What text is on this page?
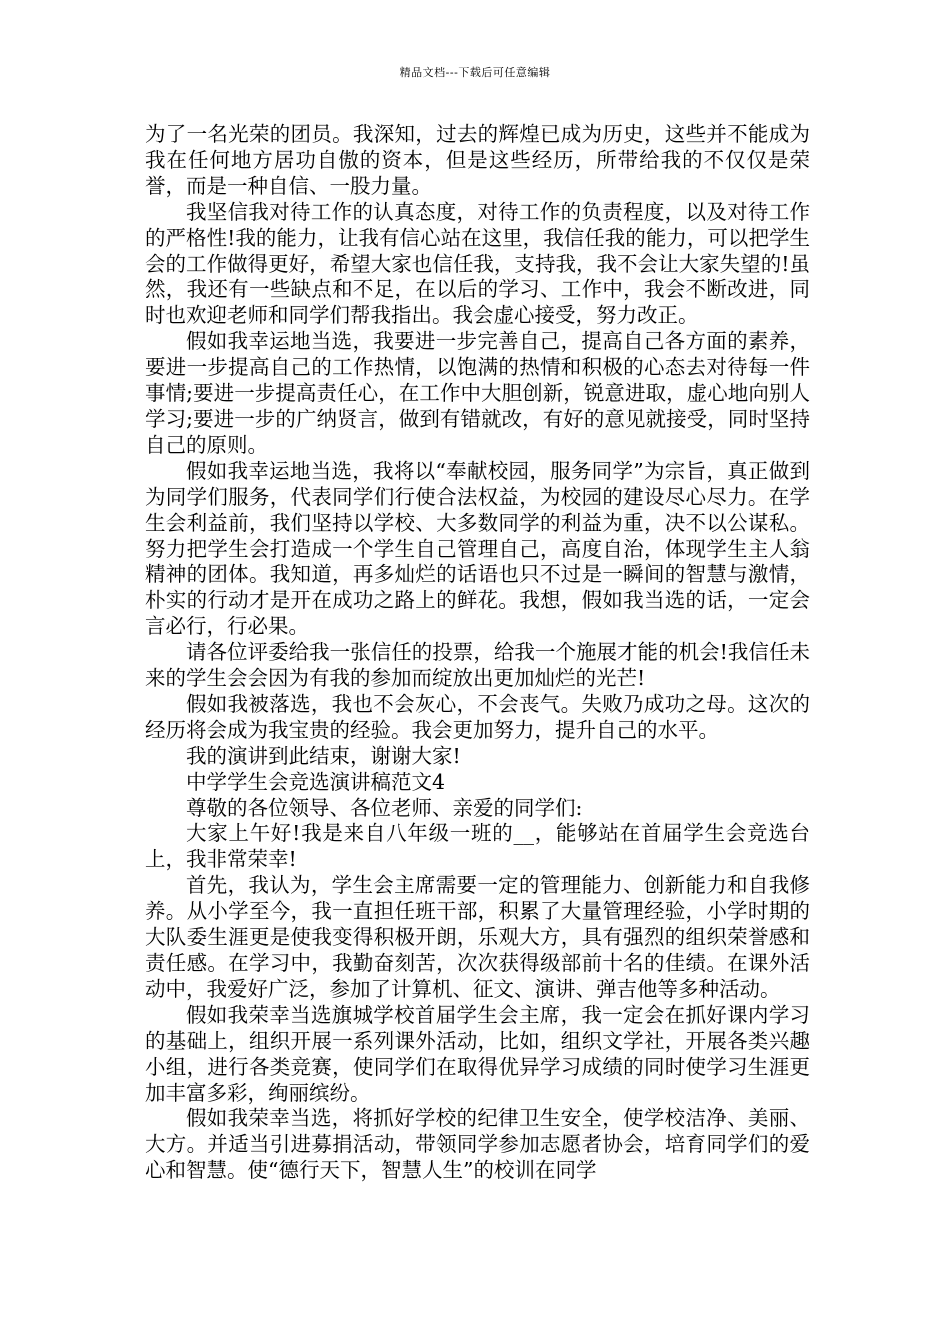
精品文档---下载后可任意编辑

为了一名光荣的团员。我深知，过去的辉煌已成为历史，这些并不能成为我在任何地方居功自傲的资本，但是这些经历，所带给我的不仅仅是荣誉，而是一种自信、一股力量。

我坚信我对待工作的认真态度，对待工作的负责程度，以及对待工作的严格性!我的能力，让我有信心站在这里，我信任我的能力，可以把学生会的工作做得更好，希望大家也信任我，支持我，我不会让大家失望的!虽然，我还有一些缺点和不足，在以后的学习、工作中，我会不断改进，同时也欢迎老师和同学们帮我指出。我会虚心接受，努力改正。

假如我幸运地当选，我要进一步完善自己，提高自己各方面的素养，要进一步提高自己的工作热情，以饱满的热情和积极的心态去对待每一件事情;要进一步提高责任心，在工作中大胆创新，锐意进取，虚心地向别人学习;要进一步的广纳贤言，做到有错就改，有好的意见就接受，同时坚持自己的原则。

假如我幸运地当选，我将以“奉献校园，服务同学”为宗旨，真正做到为同学们服务，代表同学们行使合法权益，为校园的建设尽心尽力。在学生会利益前，我们坚持以学校、大多数同学的利益为重，决不以公谋私。努力把学生会打造成一个学生自己管理自己，高度自治，体现学生主人翁精神的团体。我知道，再多灿烂的话语也只不过是一瞬间的智慧与激情，朴实的行动才是开在成功之路上的鲜花。我想，假如我当选的话，一定会言必行，行必果。

请各位评委给我一张信任的投票，给我一个施展才能的机会!我信任未来的学生会会因为有我的参加而绽放出更加灿烂的光芒!

假如我被落选，我也不会灰心，不会丧气。失败乃成功之母。这次的经历将会成为我宝贵的经验。我会更加努力，提升自己的水平。

我的演讲到此结束，谢谢大家!

中学学生会竞选演讲稿范文4

尊敬的各位领导、各位老师、亲爱的同学们:

大家上午好!我是来自八年级一班的__，能够站在首届学生会竞选台上，我非常荣幸!

首先，我认为，学生会主席需要一定的管理能力、创新能力和自我修养。从小学至今，我一直担任班干部，积累了大量管理经验，小学时期的大队委生涯更是使我变得积极开朗，乐观大方，具有强烈的组织荣誉感和责任感。在学习中，我勤奋刻苦，次次获得级部前十名的佳绩。在课外活动中，我爱好广泛，参加了计算机、征文、演讲、弹吉他等多种活动。

假如我荣幸当选旗城学校首届学生会主席，我一定会在抓好课内学习的基础上，组织开展一系列课外活动，比如，组织文学社，开展各类兴趣小组，进行各类竞赛，使同学们在取得优异学习成绩的同时使学习生涯更加丰富多彩，绚丽缤纷。

假如我荣幸当选，将抓好学校的纪律卫生安全，使学校洁净、美丽、大方。并适当引进募捐活动，带领同学参加志愿者协会，培育同学们的爱心和智慧。使“德行天下，智慧人生”的校训在同学
